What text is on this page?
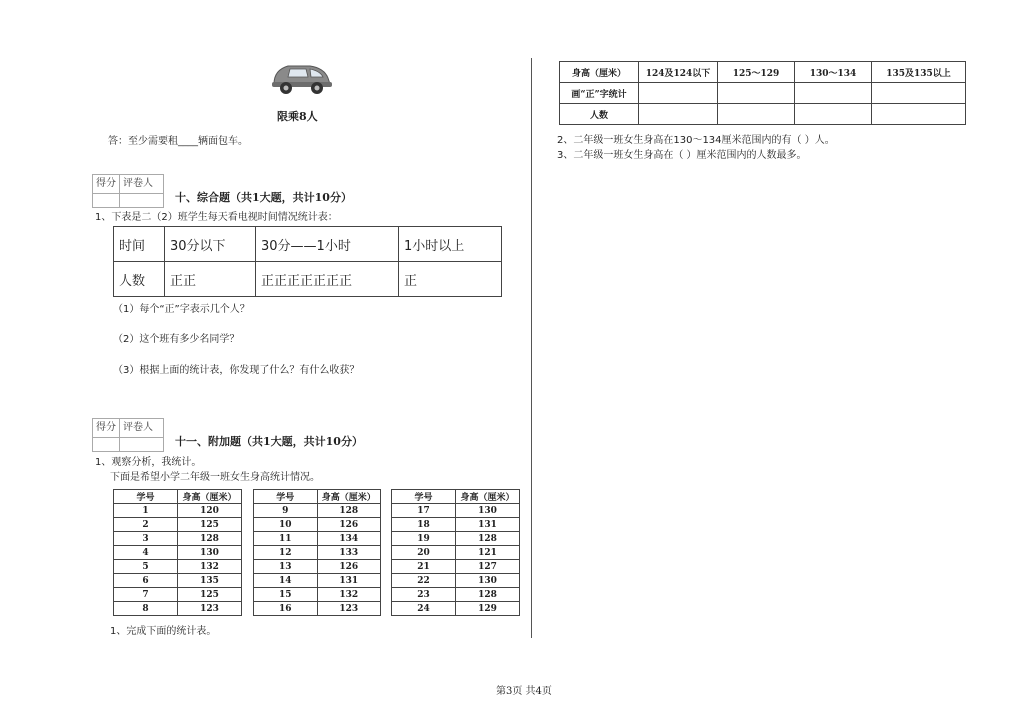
限乘8人
答：至少需要租____辆面包车。
得分 评卷人
十、综合题（共1大题，共计10分）
1、下表是二（2）班学生每天看电视时间情况统计表：
时间	30分以下	30分——1小时	1小时以上
人数	正正	正正正正正正正	正
（1）每个“正”字表示几个人？
（2）这个班有多少名同学？
（3）根据上面的统计表，你发现了什么？有什么收获？
得分 评卷人
十一、附加题（共1大题，共计10分）
1、观察分析，我统计。
下面是希望小学二年级一班女生身高统计情况。
学号	身高（厘米）
1	120
2	125
3	128
4	130
5	132
6	135
7	125
8	123
学号	身高（厘米）
9	128
10	126
11	134
12	133
13	126
14	131
15	132
16	123
学号	身高（厘米）
17	130
18	131
19	128
20	121
21	127
22	130
23	128
24	129
1、完成下面的统计表。
身高（厘米）	124及124以下	125～129	130～134	135及135以上
画“正”字统计				
人数				
2、二年级一班女生身高在130～134厘米范围内的有（ ）人。
3、二年级一班女生身高在（ ）厘米范围内的人数最多。
第3页 共4页
